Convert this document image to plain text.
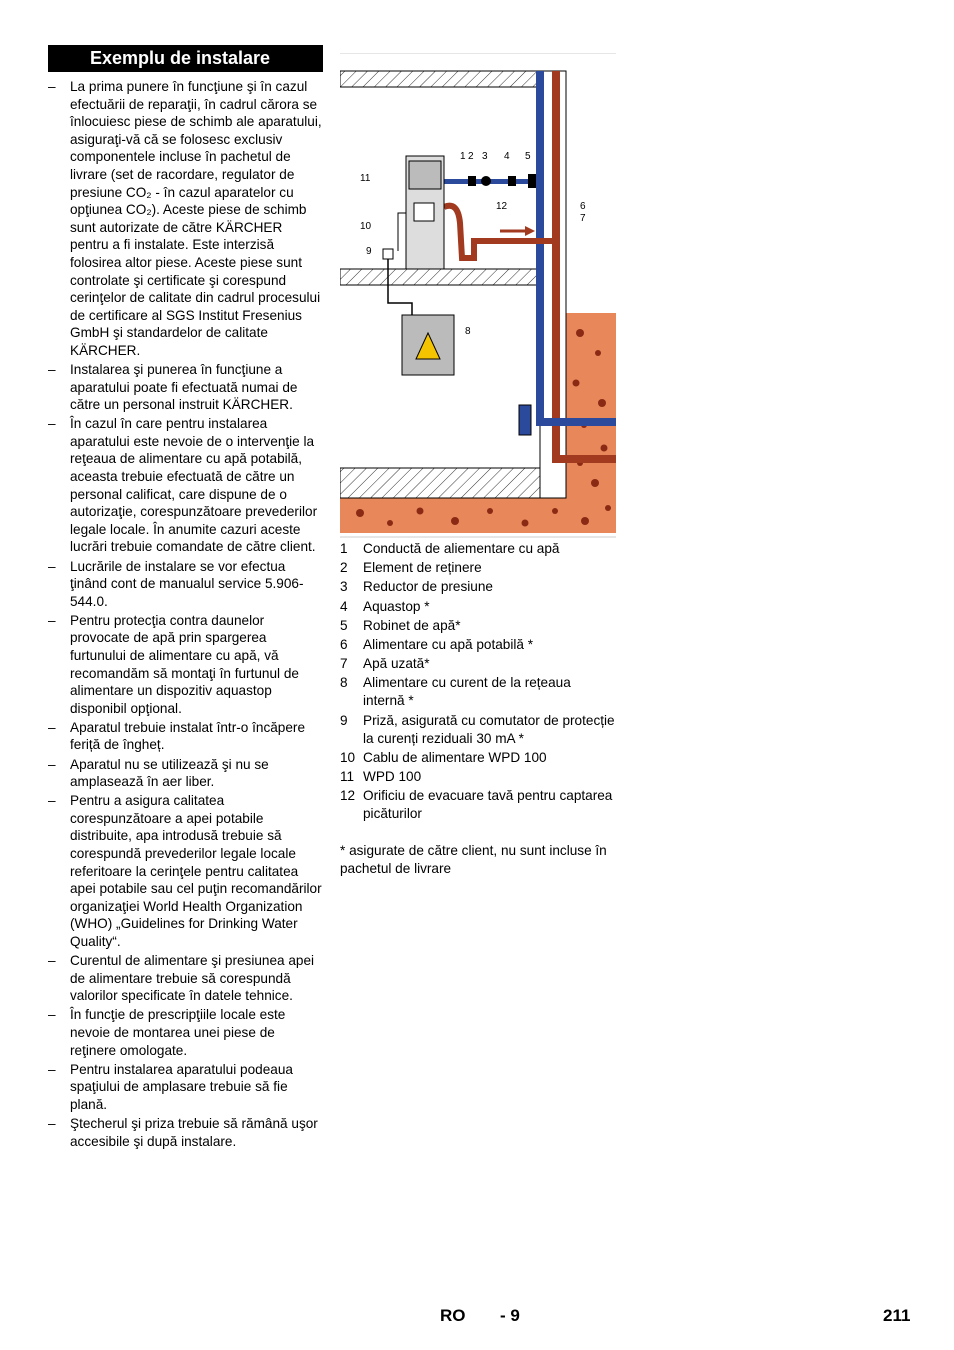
Exemplu de instalare
– La prima punere în funcţiune şi în cazul efectuării de reparaţii, în cadrul cărora se înlocuiesc piese de schimb ale aparatului, asiguraţi-vă că se folosesc exclusiv componentele incluse în pachetul de livrare (set de racordare, regulator de presiune CO₂ - în cazul aparatelor cu opţiunea CO₂). Aceste piese de schimb sunt autorizate de către KÄRCHER pentru a fi instalate. Este interzisă folosirea altor piese. Aceste piese sunt controlate şi certificate şi corespund cerinţelor de calitate din cadrul procesului de certificare al SGS Institut Fresenius GmbH şi standardelor de calitate KÄRCHER.
– Instalarea şi punerea în funcţiune a aparatului poate fi efectuată numai de către un personal instruit KÄRCHER.
– În cazul în care pentru instalarea aparatului este nevoie de o intervenţie la reţeaua de alimentare cu apă potabilă, aceasta trebuie efectuată de către un personal calificat, care dispune de o autorizaţie, corespunzătoare prevederilor legale locale. În anumite cazuri aceste lucrări trebuie comandate de către client.
– Lucrările de instalare se vor efectua ţinând cont de manualul service 5.906-544.0.
– Pentru protecţia contra daunelor provocate de apă prin spargerea furtunului de alimentare cu apă, vă recomandăm să montaţi în furtunul de alimentare un dispozitiv aquastop disponibil opţional.
– Aparatul trebuie instalat într-o încăpere feriță de îngheț.
– Aparatul nu se utilizează şi nu se amplasează în aer liber.
– Pentru a asigura calitatea corespunzătoare a apei potabile distribuite, apa introdusă trebuie să corespundă prevederilor legale locale referitoare la cerinţele pentru calitatea apei potabile sau cel puţin recomandărilor organizaţiei World Health Organization (WHO) „Guidelines for Drinking Water Quality“.
– Curentul de alimentare şi presiunea apei de alimentare trebuie să corespundă valorilor specificate în datele tehnice.
– În funcţie de prescripţiile locale este nevoie de montarea unei piese de reţinere omologate.
– Pentru instalarea aparatului podeaua spaţiului de amplasare trebuie să fie plană.
– Ştecherul şi priza trebuie să rămână uşor accesibile şi după instalare.
1 2 3 4 5
6
7
8
9
10
11
12
1	Conductă de aliementare cu apă
2	Element de reținere
3	Reductor de presiune
4	Aquastop *
5	Robinet de apă*
6	Alimentare cu apă potabilă *
7	Apă uzată*
8	Alimentare cu curent de la rețeaua internă *
9	Priză, asigurată cu comutator de protecție la curenți reziduali 30 mA *
10 Cablu de alimentare WPD 100
11 WPD 100
12 Orificiu de evacuare tavă pentru captarea picăturilor
* asigurate de către client, nu sunt incluse în pachetul de livrare
RO - 9	211
